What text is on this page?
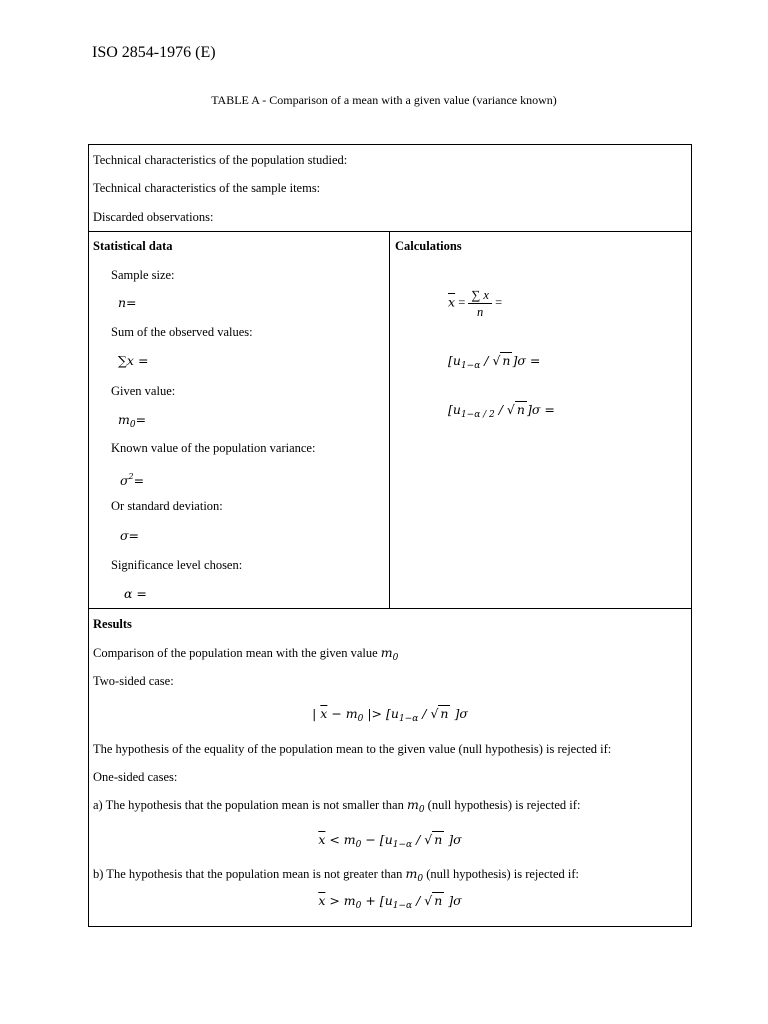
ISO 2854-1976 (E)
TABLE A - Comparison of a mean with a given value (variance known)
Technical characteristics of the population studied:
Technical characteristics of the sample items:
Discarded observations:
Statistical data
Sample size:
n=
Sum of the observed values:
∑x =
Given value:
$m_0=$
Known value of the population variance:
$\sigma^2=$
Or standard deviation:
σ=
Significance level chosen:
α =
Calculations
$\overline{x} = \frac{\sum x}{n}$ =
[$u_{1-\alpha}$ / √ n ]σ =
[$u_{1-\alpha / 2}$ / √ n ]σ =
Results
Comparison of the population mean with the given value $m_0$
Two-sided case:
| $\overline{x} - m_0$ |> [$u_{1-\alpha}$ / √ n ]σ
The hypothesis of the equality of the population mean to the given value (null hypothesis) is rejected if:
One-sided cases:
a) The hypothesis that the population mean is not smaller than $m_0$ (null hypothesis) is rejected if:
$\overline{x} < m_0 - [u_{1-\alpha}$ / √ n ]σ
b) The hypothesis that the population mean is not greater than $m_0$ (null hypothesis) is rejected if:
$\overline{x} > m_0 + [u_{1-\alpha}$ / √ n ]σ
